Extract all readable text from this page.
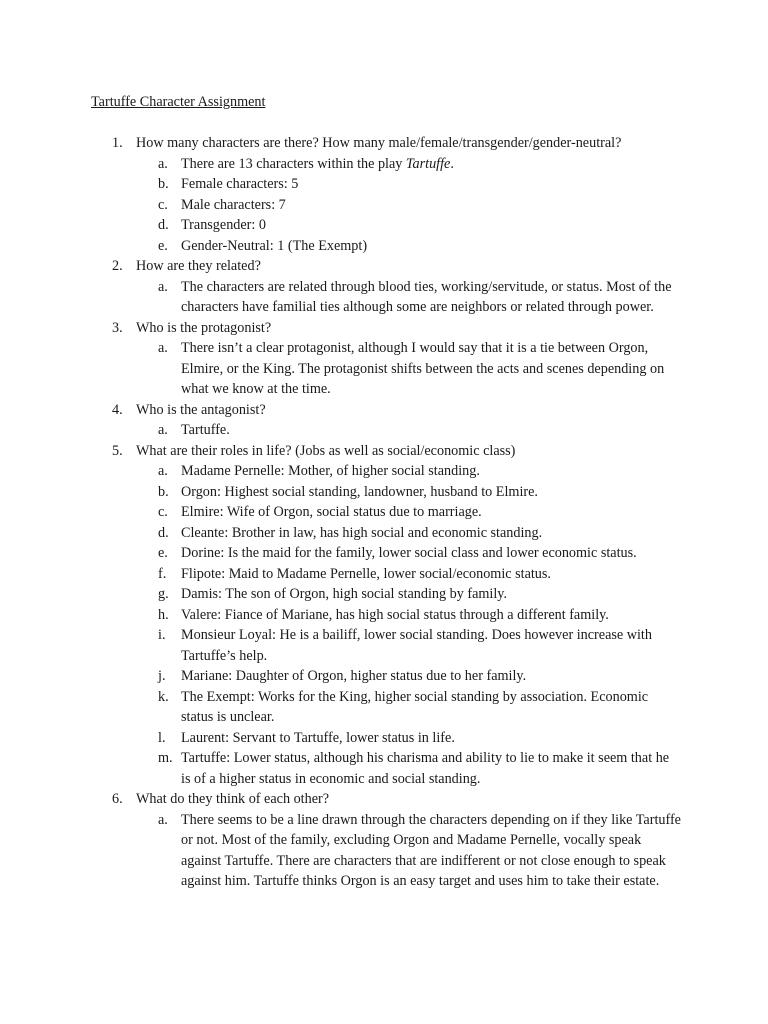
Tartuffe Character Assignment
1. How many characters are there? How many male/female/transgender/gender-neutral?
a. There are 13 characters within the play Tartuffe.
b. Female characters: 5
c. Male characters: 7
d. Transgender: 0
e. Gender-Neutral: 1 (The Exempt)
2. How are they related?
a. The characters are related through blood ties, working/servitude, or status. Most of the characters have familial ties although some are neighbors or related through power.
3. Who is the protagonist?
a. There isn’t a clear protagonist, although I would say that it is a tie between Orgon, Elmire, or the King. The protagonist shifts between the acts and scenes depending on what we know at the time.
4. Who is the antagonist?
a. Tartuffe.
5. What are their roles in life? (Jobs as well as social/economic class)
a. Madame Pernelle: Mother, of higher social standing.
b. Orgon: Highest social standing, landowner, husband to Elmire.
c. Elmire: Wife of Orgon, social status due to marriage.
d. Cleante: Brother in law, has high social and economic standing.
e. Dorine: Is the maid for the family, lower social class and lower economic status.
f. Flipote: Maid to Madame Pernelle, lower social/economic status.
g. Damis: The son of Orgon, high social standing by family.
h. Valere: Fiance of Mariane, has high social status through a different family.
i. Monsieur Loyal: He is a bailiff, lower social standing. Does however increase with Tartuffe’s help.
j. Mariane: Daughter of Orgon, higher status due to her family.
k. The Exempt: Works for the King, higher social standing by association. Economic status is unclear.
l. Laurent: Servant to Tartuffe, lower status in life.
m. Tartuffe: Lower status, although his charisma and ability to lie to make it seem that he is of a higher status in economic and social standing.
6. What do they think of each other?
a. There seems to be a line drawn through the characters depending on if they like Tartuffe or not. Most of the family, excluding Orgon and Madame Pernelle, vocally speak against Tartuffe. There are characters that are indifferent or not close enough to speak against him. Tartuffe thinks Orgon is an easy target and uses him to take their estate.
